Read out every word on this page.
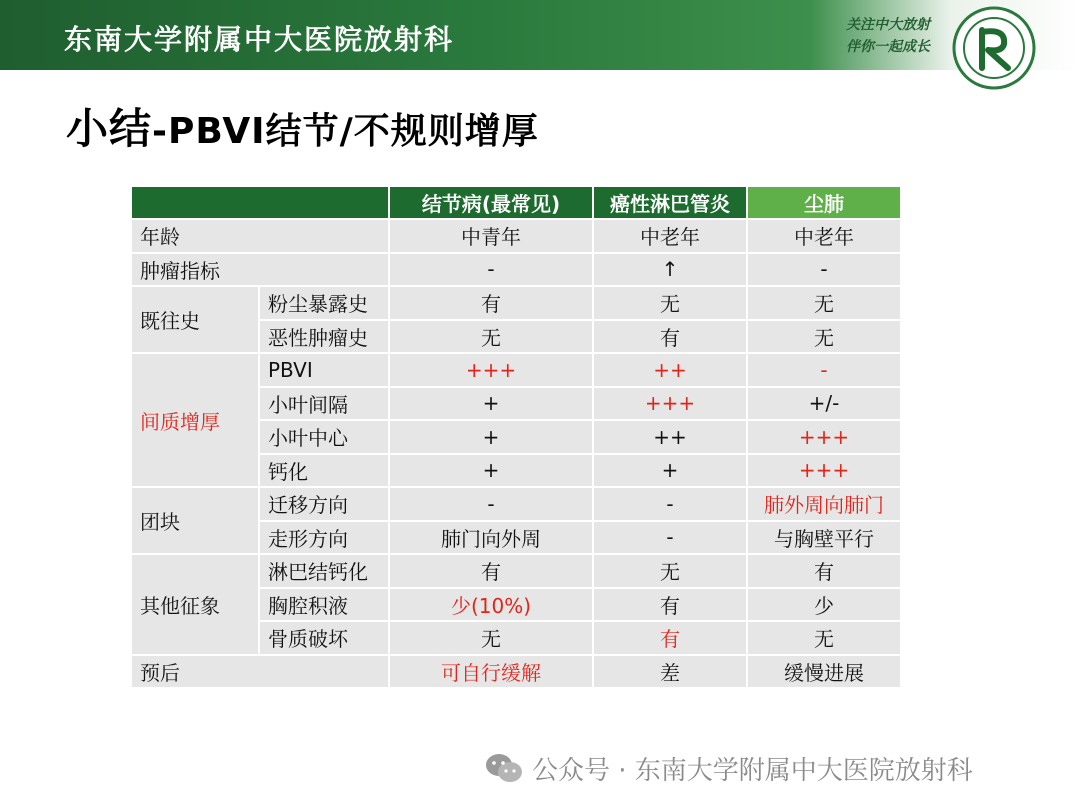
东南大学附属中大医院放射科	关注中大放射
伴你一起成长
小结-PBVI结节/不规则增厚
		结节病(最常见)	癌性淋巴管炎	尘肺
年龄		中青年	中老年	中老年
肿瘤指标		-	↑	-
既往史	粉尘暴露史	有	无	无
	恶性肿瘤史	无	有	无
间质增厚	PBVI	+++	++	-
	小叶间隔	+	+++	+/-
	小叶中心	+	++	+++
	钙化	+	+	+++
团块	迁移方向	-	-	肺外周向肺门
	走形方向	肺门向外周	-	与胸壁平行
其他征象	淋巴结钙化	有	无	有
	胸腔积液	少(10%)	有	少
	骨质破坏	无	有	无
预后		可自行缓解	差	缓慢进展
公众号 · 东南大学附属中大医院放射科
